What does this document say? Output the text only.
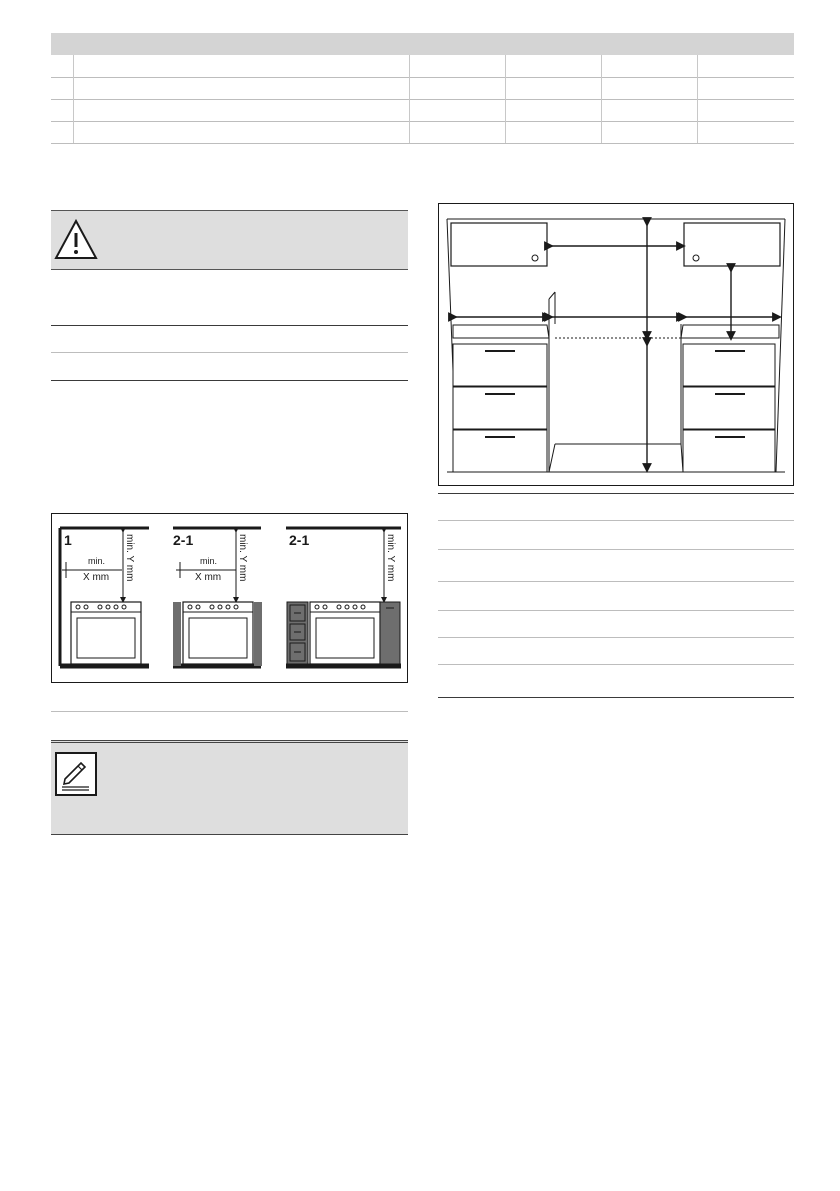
1
min.
X mm min. Y mm	2-1
min.
X mm min. Y mm	2-1	min. Y mm
